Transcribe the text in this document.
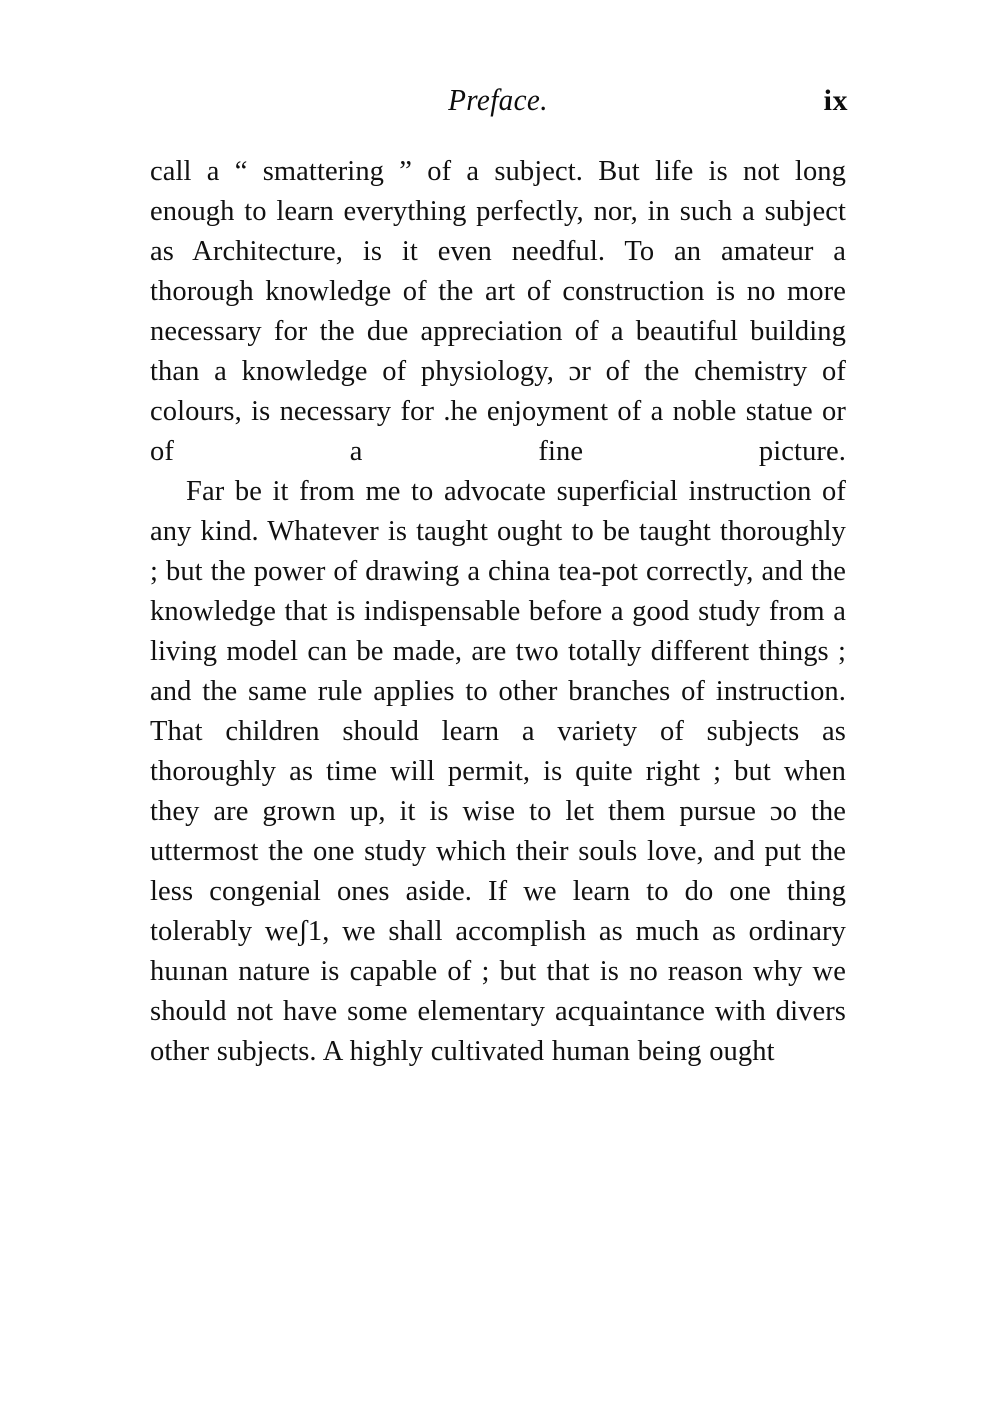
Preface.	ix

call a “ smattering ” of a subject. But life is not long enough to learn everything perfectly, nor, in such a subject as Architecture, is it even needful. To an amateur a thorough knowledge of the art of construction is no more necessary for the due appreciation of a beautiful building than a knowledge of physiology, ɔr of the chemistry of colours, is necessary for .he enjoyment of a noble statue or of a fine picture.

Far be it from me to advocate superficial instruction of any kind. Whatever is taught ought to be taught thoroughly ; but the power of drawing a china tea-pot correctly, and the knowledge that is indispensable before a good study from a living model can be made, are two totally different things ; and the same rule applies to other branches of instruction. That children should learn a variety of subjects as thoroughly as time will permit, is quite right ; but when they are grown up, it is wise to let them pursue ɔo the uttermost the one study which their souls love, and put the less congenial ones aside. If we learn to do one thing tolerably weʃ1, we shall accomplish as much as ordinary huınan nature is capable of ; but that is no reason why we should not have some elementary acquaintance with divers other subjects. A highly cultivated human being ought
